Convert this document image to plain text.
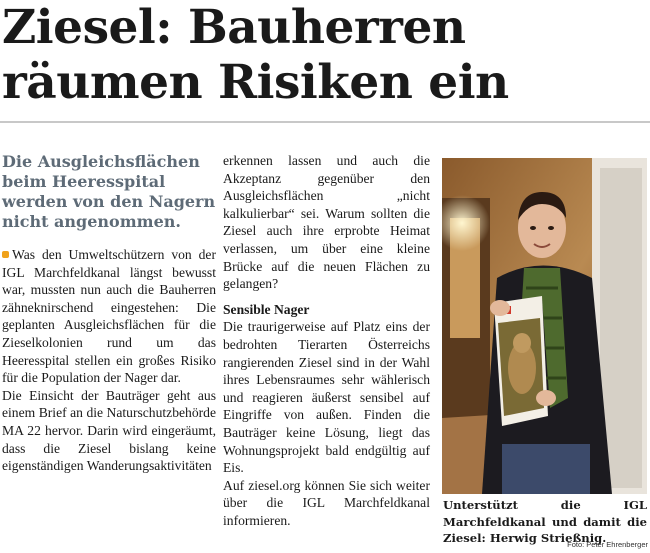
Ziesel: Bauherren
räumen Risiken ein

Die Ausgleichsflächen beim Heeresspital werden von den Nagern nicht angenommen.

Was den Umweltschützern von der IGL Marchfeldkanal längst bewusst war, mussten nun auch die Bauherren zähneknirschend eingestehen: Die geplanten Ausgleichsflächen für die Zieselkolonien rund um das Heeresspital stellen ein großes Risiko für die Population der Nager dar.

Die Einsicht der Bauträger geht aus einem Brief an die Naturschutzbehörde MA 22 hervor. Darin wird eingeräumt, dass die Ziesel bislang keine eigenständigen Wanderungsaktivitäten

erkennen lassen und auch die Akzeptanz gegenüber den Ausgleichsflächen „nicht kalkulierbar“ sei. Warum sollten die Ziesel auch ihre erprobte Heimat verlassen, um über eine kleine Brücke auf die neuen Flächen zu gelangen?

Sensible Nager

Die traurigerweise auf Platz eins der bedrohten Tierarten Österreichs rangierenden Ziesel sind in der Wahl ihres Lebensraumes sehr wählerisch und reagieren äußerst sensibel auf Eingriffe von außen. Finden die Bauträger keine Lösung, liegt das Wohnungsprojekt bald endgültig auf Eis.

Auf ziesel.org können Sie sich weiter über die IGL Marchfeldkanal informieren.

Unterstützt die IGL Marchfeldkanal und damit die Ziesel: Herwig Strießnig.
Foto: Peter Ehrenberger
